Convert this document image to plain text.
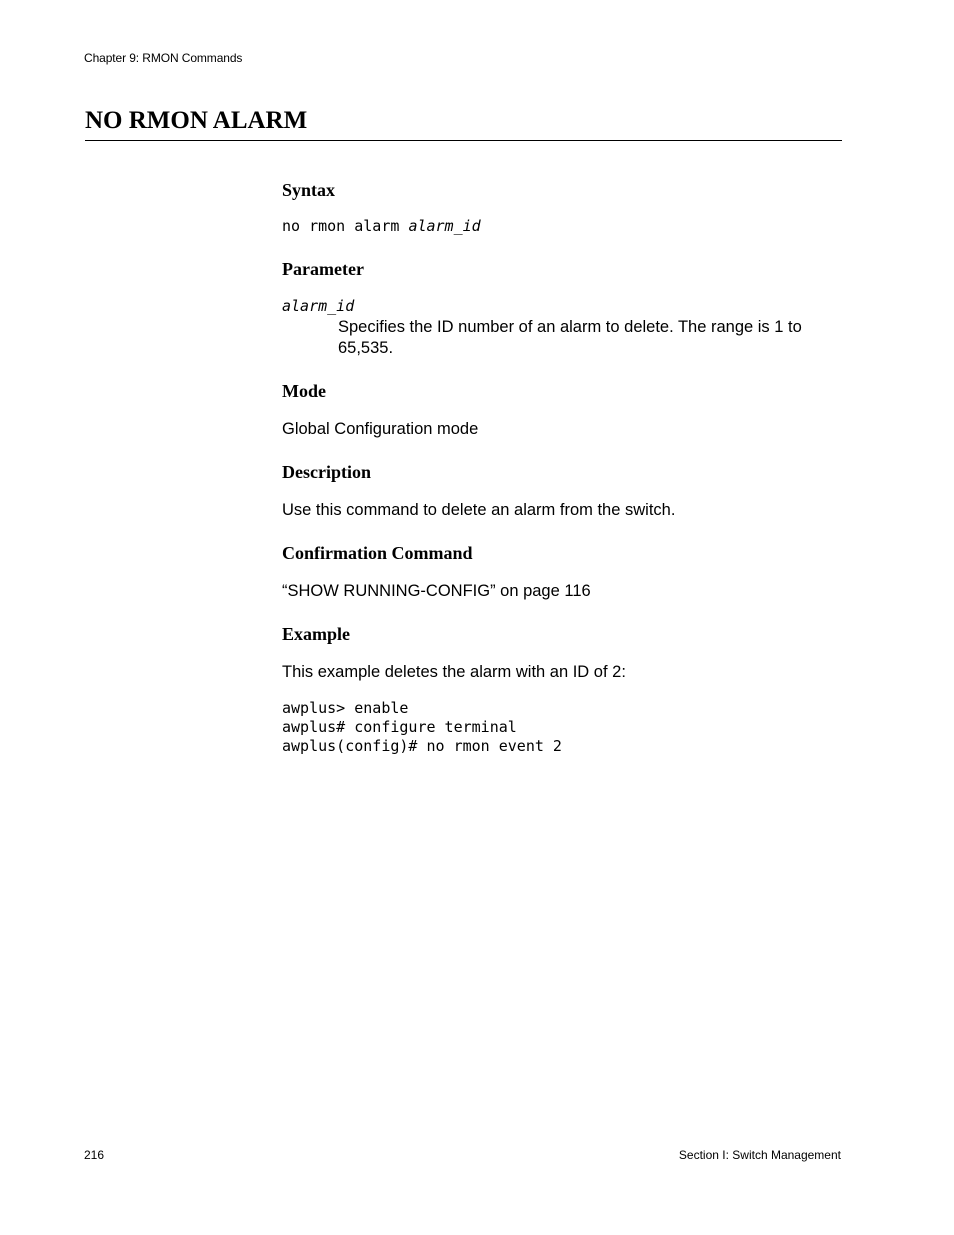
Chapter 9: RMON Commands

NO RMON ALARM
Syntax

no rmon alarm alarm_id

Parameter

alarm_id

Specifies the ID number of an alarm to delete. The range is 1 to 65,535.

Mode

Global Configuration mode

Description

Use this command to delete an alarm from the switch.

Confirmation Command

“SHOW RUNNING-CONFIG” on page 116

Example

This example deletes the alarm with an ID of 2:

awplus> enable

awplus# configure terminal

awplus(config)# no rmon event 2

216	Section I: Switch Management
